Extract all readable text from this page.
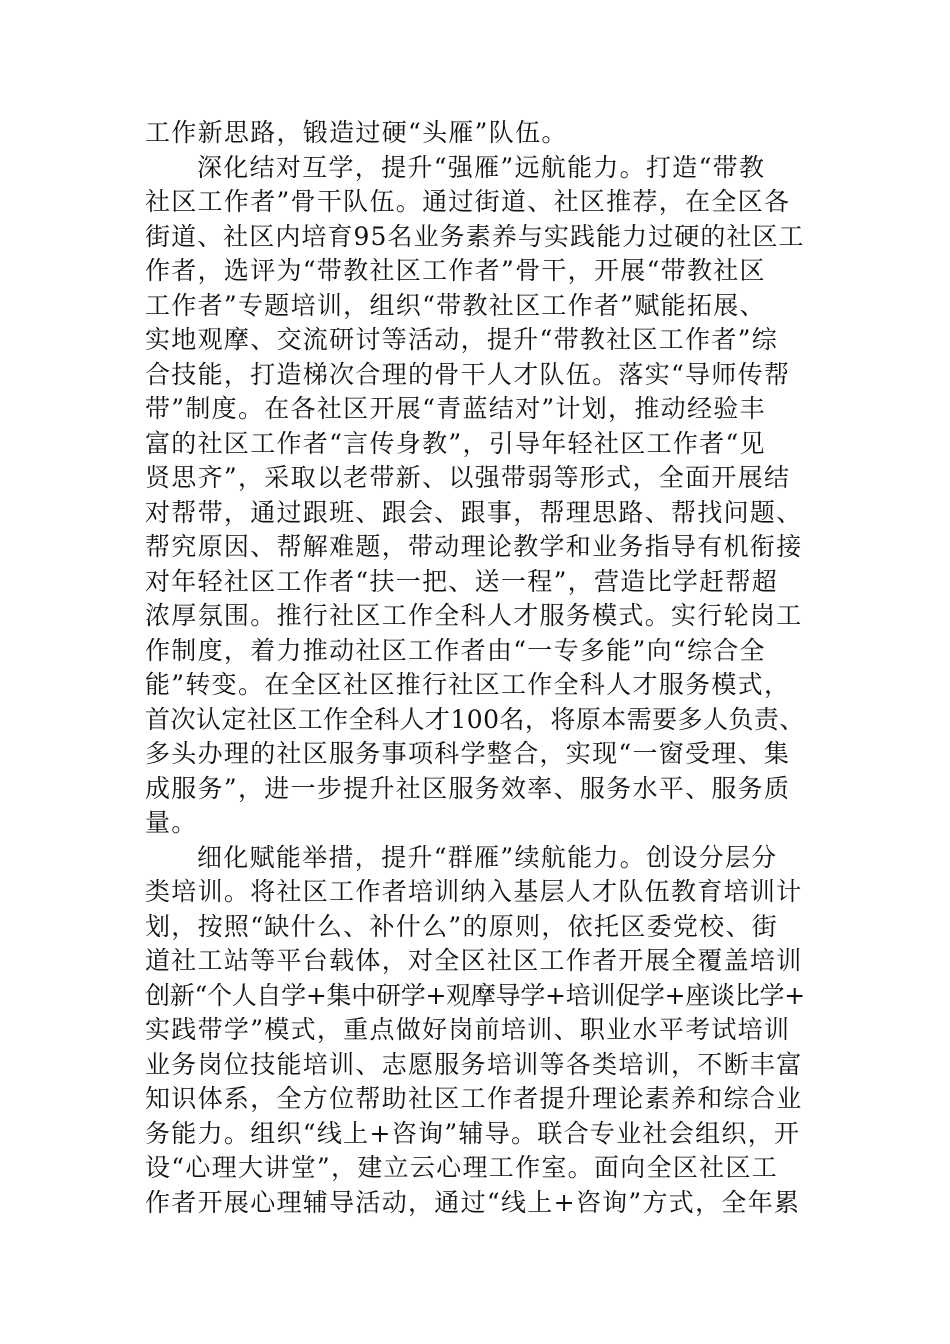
工作新思路，锻造过硬“头雁”队伍。
深化结对互学，提升“强雁”远航能力。打造“带教
社区工作者”骨干队伍。通过街道、社区推荐，在全区各
街道、社区内培育95名业务素养与实践能力过硬的社区工
作者，选评为“带教社区工作者”骨干，开展“带教社区
工作者”专题培训，组织“带教社区工作者”赋能拓展、
实地观摩、交流研讨等活动，提升“带教社区工作者”综
合技能，打造梯次合理的骨干人才队伍。落实“导师传帮
带”制度。在各社区开展“青蓝结对”计划，推动经验丰
富的社区工作者“言传身教”，引导年轻社区工作者“见
贤思齐”，采取以老带新、以强带弱等形式，全面开展结
对帮带，通过跟班、跟会、跟事，帮理思路、帮找问题、
帮究原因、帮解难题，带动理论教学和业务指导有机衔接
对年轻社区工作者“扶一把、送一程”，营造比学赶帮超
浓厚氛围。推行社区工作全科人才服务模式。实行轮岗工
作制度，着力推动社区工作者由“一专多能”向“综合全
能”转变。在全区社区推行社区工作全科人才服务模式，
首次认定社区工作全科人才100名，将原本需要多人负责、
多头办理的社区服务事项科学整合，实现“一窗受理、集
成服务”，进一步提升社区服务效率、服务水平、服务质
量。
细化赋能举措，提升“群雁”续航能力。创设分层分
类培训。将社区工作者培训纳入基层人才队伍教育培训计
划，按照“缺什么、补什么”的原则，依托区委党校、街
道社工站等平台载体，对全区社区工作者开展全覆盖培训
创新“个人自学+集中研学+观摩导学+培训促学+座谈比学+
实践带学”模式，重点做好岗前培训、职业水平考试培训
业务岗位技能培训、志愿服务培训等各类培训，不断丰富
知识体系，全方位帮助社区工作者提升理论素养和综合业
务能力。组织“线上+咨询”辅导。联合专业社会组织，开
设“心理大讲堂”，建立云心理工作室。面向全区社区工
作者开展心理辅导活动，通过“线上+咨询”方式，全年累
